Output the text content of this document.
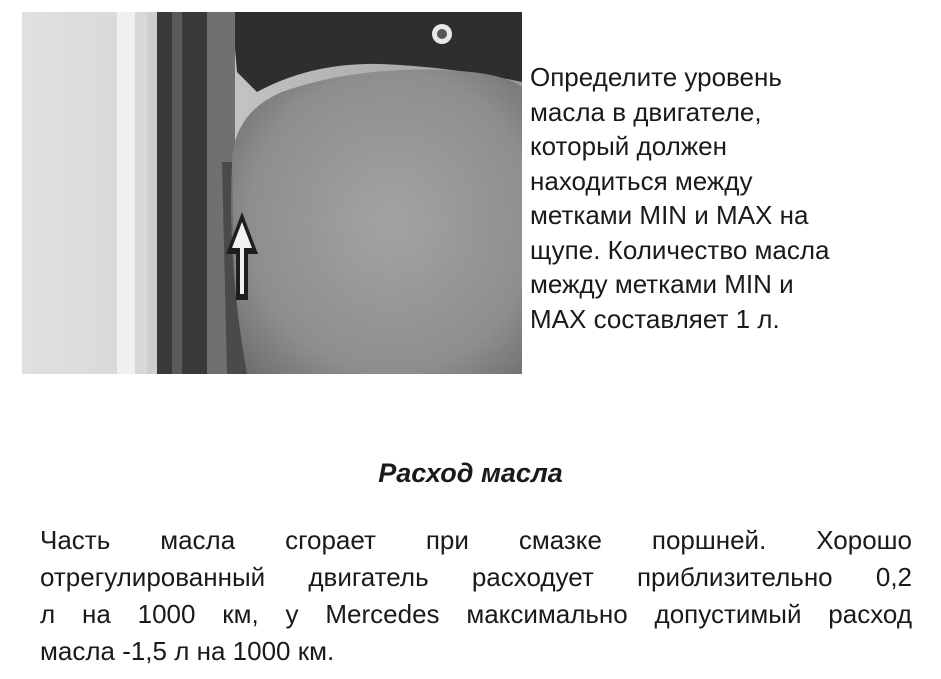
Определите уровень
масла в двигателе,
который должен
находиться между
метками MIN и MAX на
щупе. Количество масла
между метками MIN и
MAX составляет 1 л.

Расход масла

Часть масла сгорает при смазке поршней. Хорошо
отрегулированный двигатель расходует приблизительно 0,2
л на 1000 км, у Mercedes максимально допустимый расход
масла -1,5 л на 1000 км.
